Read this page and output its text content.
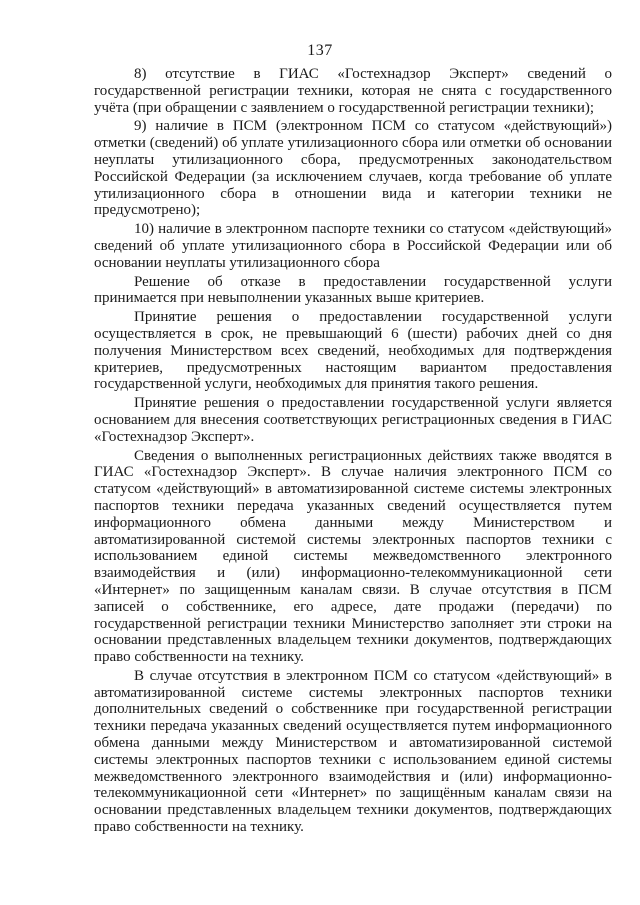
137

8) отсутствие в ГИАС «Гостехнадзор Эксперт» сведений о государственной регистрации техники, которая не снята с государственного учёта (при обращении с заявлением о государственной регистрации техники);

9) наличие в ПСМ (электронном ПСМ со статусом «действующий») отметки (сведений) об уплате утилизационного сбора или отметки об основании неуплаты утилизационного сбора, предусмотренных законодательством Российской Федерации (за исключением случаев, когда требование об уплате утилизационного сбора в отношении вида и категории техники не предусмотрено);

10) наличие в электронном паспорте техники со статусом «действующий» сведений об уплате утилизационного сбора в Российской Федерации или об основании неуплаты утилизационного сбора

Решение об отказе в предоставлении государственной услуги принимается при невыполнении указанных выше критериев.

Принятие решения о предоставлении государственной услуги осуществляется в срок, не превышающий 6 (шести) рабочих дней со дня получения Министерством всех сведений, необходимых для подтверждения критериев, предусмотренных настоящим вариантом предоставления государственной услуги, необходимых для принятия такого решения.

Принятие решения о предоставлении государственной услуги является основанием для внесения соответствующих регистрационных сведения в ГИАС «Гостехнадзор Эксперт».

Сведения о выполненных регистрационных действиях также вводятся в ГИАС «Гостехнадзор Эксперт». В случае наличия электронного ПСМ со статусом «действующий» в автоматизированной системе системы электронных паспортов техники передача указанных сведений осуществляется путем информационного обмена данными между Министерством и автоматизированной системой системы электронных паспортов техники с использованием единой системы межведомственного электронного взаимодействия и (или) информационно-телекоммуникационной сети «Интернет» по защищенным каналам связи. В случае отсутствия в ПСМ записей о собственнике, его адресе, дате продажи (передачи) по государственной регистрации техники Министерство заполняет эти строки на основании представленных владельцем техники документов, подтверждающих право собственности на технику.

В случае отсутствия в электронном ПСМ со статусом «действующий» в автоматизированной системе системы электронных паспортов техники дополнительных сведений о собственнике при государственной регистрации техники передача указанных сведений осуществляется путем информационного обмена данными между Министерством и автоматизированной системой системы электронных паспортов техники с использованием единой системы межведомственного электронного взаимодействия и (или) информационно-телекоммуникационной сети «Интернет» по защищённым каналам связи на основании представленных владельцем техники документов, подтверждающих право собственности на технику.
